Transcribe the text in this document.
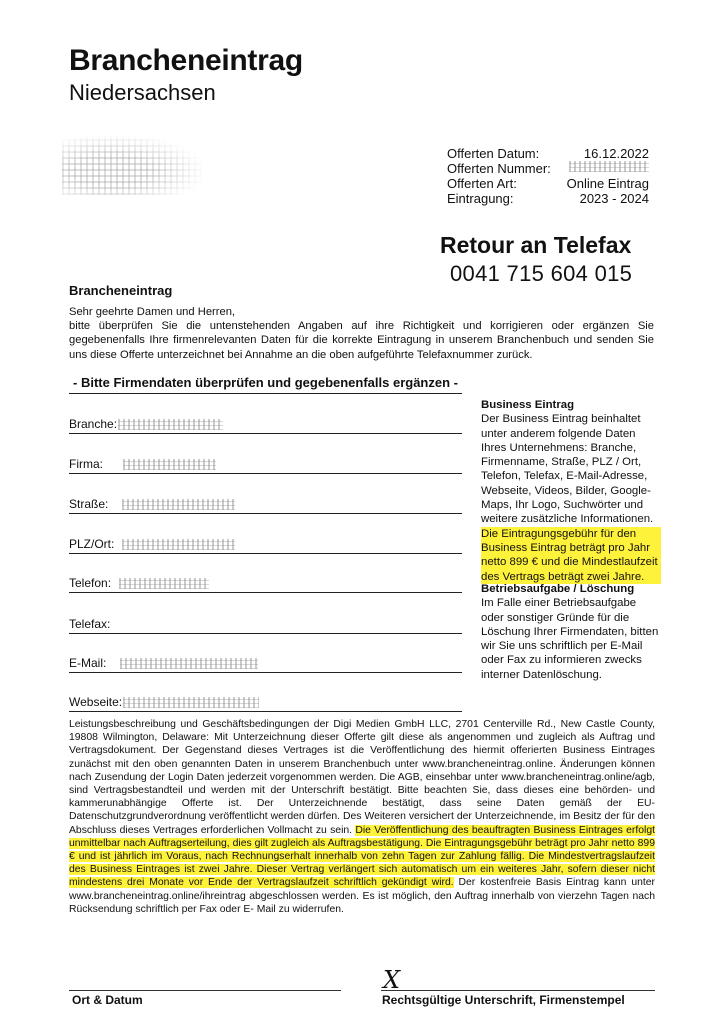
Brancheneintrag
Niedersachsen
Offerten Datum:	16.12.2022
Offerten Nummer:
Offerten Art:	Online Eintrag
Eintragung:	2023 - 2024
Retour an Telefax
0041 715 604 015
Brancheneintrag
Sehr geehrte Damen und Herren,
bitte überprüfen Sie die untenstehenden Angaben auf ihre Richtigkeit und korrigieren oder ergänzen Sie gegebenenfalls Ihre firmenrelevanten Daten für die korrekte Eintragung in unserem Branchenbuch und senden Sie uns diese Offerte unterzeichnet bei Annahme an die oben aufgeführte Telefaxnummer zurück.
- Bitte Firmendaten überprüfen und gegebenenfalls ergänzen -
Branche:
Firma:
Straße:
PLZ/Ort:
Telefon:
Telefax:
E-Mail:
Webseite:
Business Eintrag
Der Business Eintrag beinhaltet unter anderem folgende Daten Ihres Unternehmens: Branche, Firmenname, Straße, PLZ / Ort, Telefon, Telefax, E-Mail-Adresse, Webseite, Videos, Bilder, Google-Maps, Ihr Logo, Suchwörter und weitere zusätzliche Informationen.
Die Eintragungsgebühr für den Business Eintrag beträgt pro Jahr netto 899 € und die Mindestlaufzeit des Vertrags beträgt zwei Jahre.
Betriebsaufgabe / Löschung
Im Falle einer Betriebsaufgabe oder sonstiger Gründe für die Löschung Ihrer Firmendaten, bitten wir Sie uns schriftlich per E-Mail oder Fax zu informieren zwecks interner Datenlöschung.
Leistungsbeschreibung und Geschäftsbedingungen der Digi Medien GmbH LLC, 2701 Centerville Rd., New Castle County, 19808 Wilmington, Delaware: Mit Unterzeichnung dieser Offerte gilt diese als angenommen und zugleich als Auftrag und Vertragsdokument. Der Gegenstand dieses Vertrages ist die Veröffentlichung des hiermit offerierten Business Eintrages zunächst mit den oben genannten Daten in unserem Branchenbuch unter www.brancheneintrag.online. Änderungen können nach Zusendung der Login Daten jederzeit vorgenommen werden. Die AGB, einsehbar unter www.brancheneintrag.online/agb, sind Vertragsbestandteil und werden mit der Unterschrift bestätigt. Bitte beachten Sie, dass dieses eine behörden- und kammerunabhängige Offerte ist. Der Unterzeichnende bestätigt, dass seine Daten gemäß der EU-Datenschutzgrundverordnung veröffentlicht werden dürfen. Des Weiteren versichert der Unterzeichnende, im Besitz der für den Abschluss dieses Vertrages erforderlichen Vollmacht zu sein. Die Veröffentlichung des beauftragten Business Eintrages erfolgt unmittelbar nach Auftragserteilung, dies gilt zugleich als Auftragsbestätigung. Die Eintragungsgebühr beträgt pro Jahr netto 899 € und ist jährlich im Voraus, nach Rechnungserhalt innerhalb von zehn Tagen zur Zahlung fällig. Die Mindestvertragslaufzeit des Business Eintrages ist zwei Jahre. Dieser Vertrag verlängert sich automatisch um ein weiteres Jahr, sofern dieser nicht mindestens drei Monate vor Ende der Vertragslaufzeit schriftlich gekündigt wird. Der kostenfreie Basis Eintrag kann unter www.brancheneintrag.online/ihreintrag abgeschlossen werden. Es ist möglich, den Auftrag innerhalb von vierzehn Tagen nach Rücksendung schriftlich per Fax oder E- Mail zu widerrufen.
Ort & Datum
X
Rechtsgültige Unterschrift, Firmenstempel
